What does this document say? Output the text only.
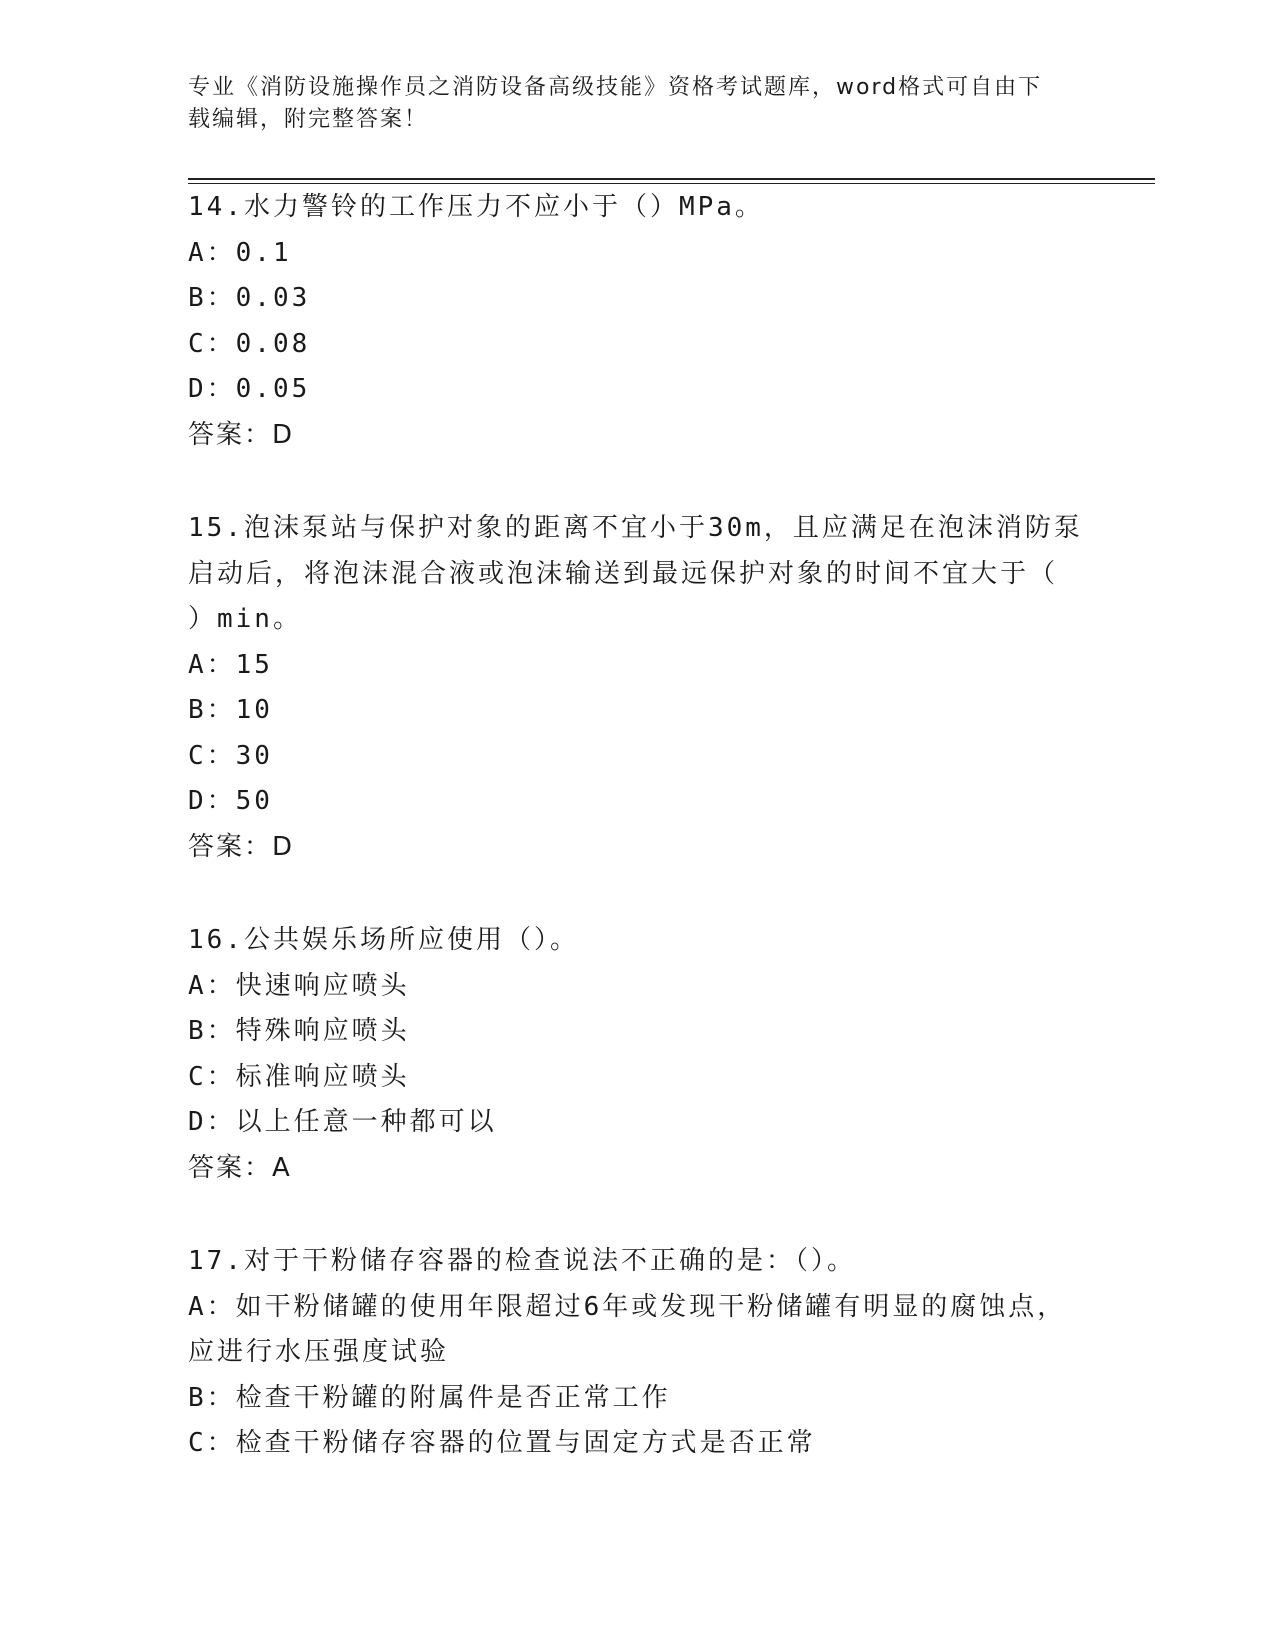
专业《消防设施操作员之消防设备高级技能》资格考试题库，word格式可自由下
载编辑，附完整答案！
14.水力警铃的工作压力不应小于（）MPa。
A：0.1
B：0.03
C：0.08
D：0.05
答案：D
15.泡沫泵站与保护对象的距离不宜小于30m，且应满足在泡沫消防泵
启动后，将泡沫混合液或泡沫输送到最远保护对象的时间不宜大于（
）min。
A：15
B：10
C：30
D：50
答案：D
16.公共娱乐场所应使用（）。
A：快速响应喷头
B：特殊响应喷头
C：标准响应喷头
D：以上任意一种都可以
答案：A
17.对于干粉储存容器的检查说法不正确的是：（）。
A：如干粉储罐的使用年限超过6年或发现干粉储罐有明显的腐蚀点，
应进行水压强度试验
B：检查干粉罐的附属件是否正常工作
C：检查干粉储存容器的位置与固定方式是否正常
